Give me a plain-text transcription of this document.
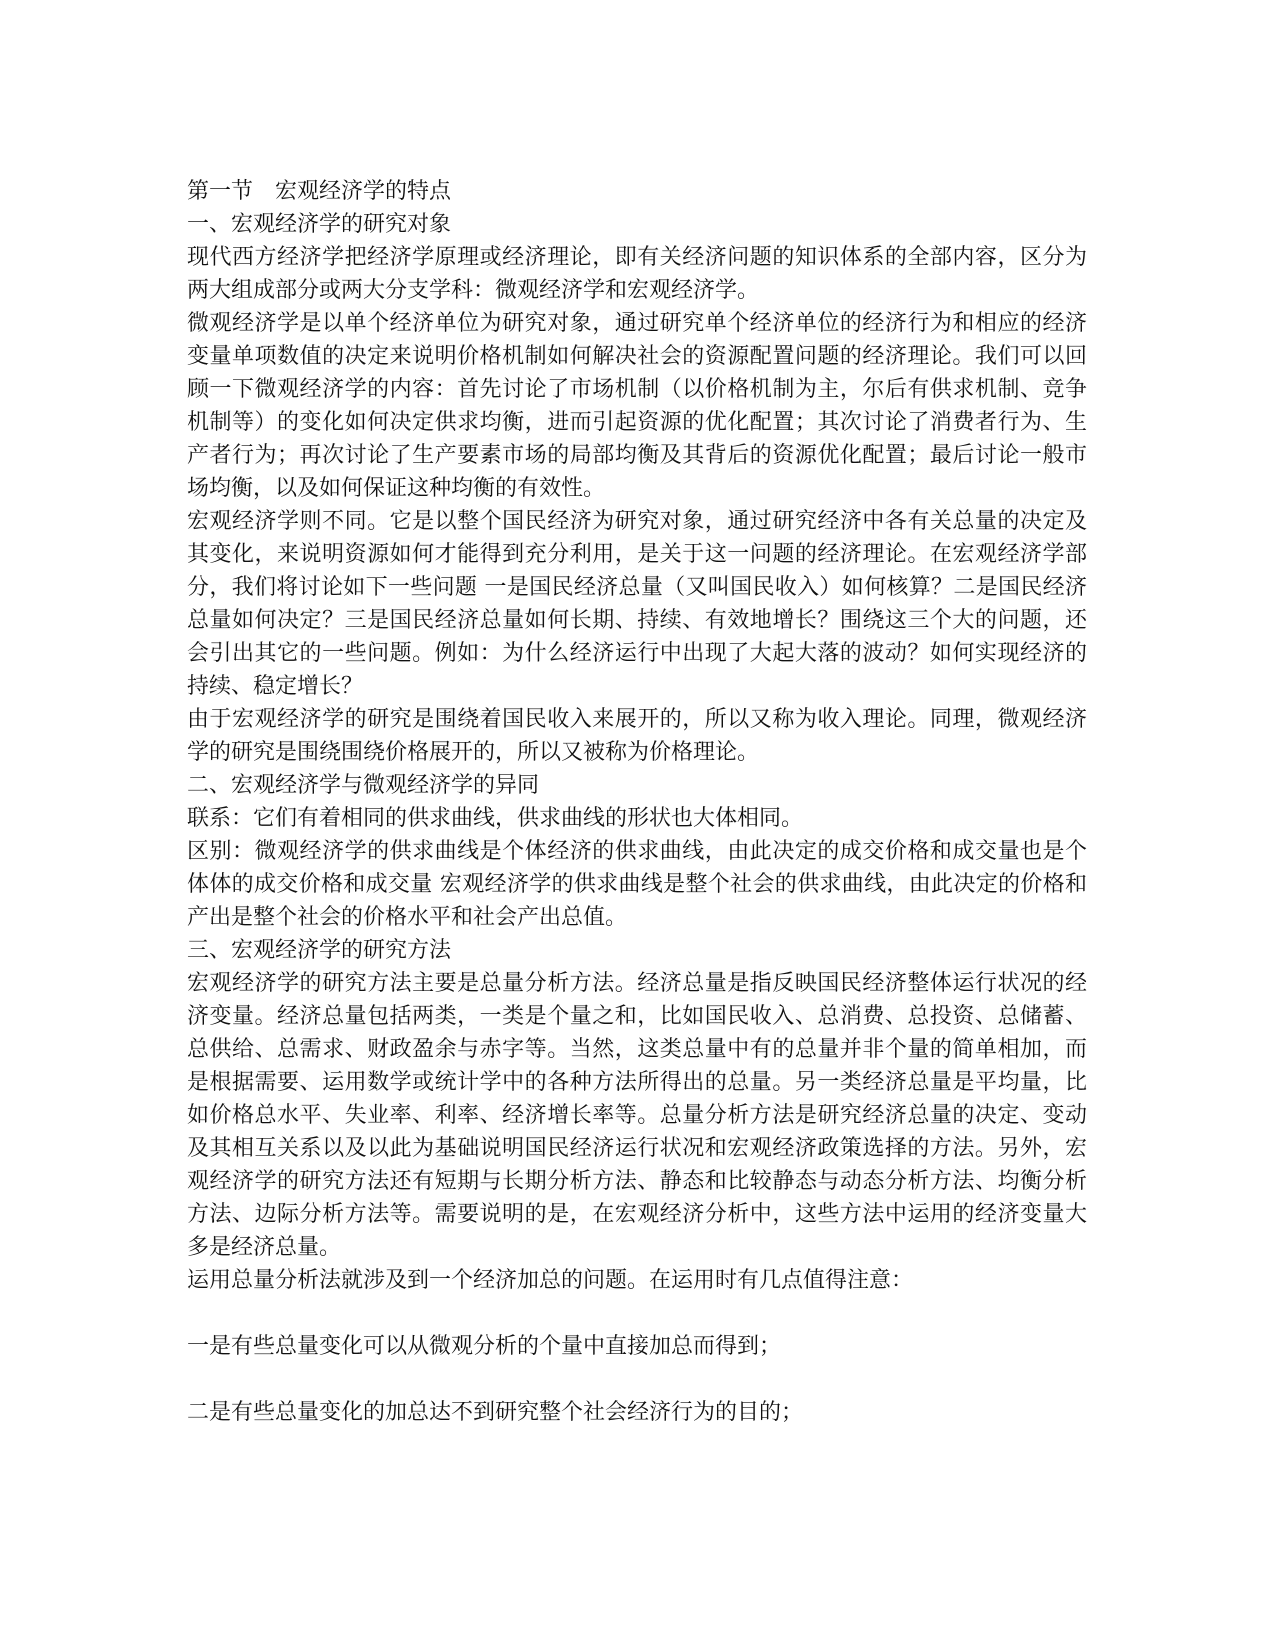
第一节　宏观经济学的特点

一、宏观经济学的研究对象

现代西方经济学把经济学原理或经济理论，即有关经济问题的知识体系的全部内容，区分为两大组成部分或两大分支学科：微观经济学和宏观经济学。

微观经济学是以单个经济单位为研究对象，通过研究单个经济单位的经济行为和相应的经济变量单项数值的决定来说明价格机制如何解决社会的资源配置问题的经济理论。我们可以回顾一下微观经济学的内容：首先讨论了市场机制（以价格机制为主，尔后有供求机制、竞争机制等）的变化如何决定供求均衡，进而引起资源的优化配置；其次讨论了消费者行为、生产者行为；再次讨论了生产要素市场的局部均衡及其背后的资源优化配置；最后讨论一般市场均衡，以及如何保证这种均衡的有效性。

宏观经济学则不同。它是以整个国民经济为研究对象，通过研究经济中各有关总量的决定及其变化，来说明资源如何才能得到充分利用，是关于这一问题的经济理论。在宏观经济学部分，我们将讨论如下一些问题 一是国民经济总量（又叫国民收入）如何核算？二是国民经济总量如何决定？三是国民经济总量如何长期、持续、有效地增长？围绕这三个大的问题，还会引出其它的一些问题。例如：为什么经济运行中出现了大起大落的波动？如何实现经济的持续、稳定增长？

由于宏观经济学的研究是围绕着国民收入来展开的，所以又称为收入理论。同理，微观经济学的研究是围绕围绕价格展开的，所以又被称为价格理论。

二、宏观经济学与微观经济学的异同

联系：它们有着相同的供求曲线，供求曲线的形状也大体相同。

区别：微观经济学的供求曲线是个体经济的供求曲线，由此决定的成交价格和成交量也是个体体的成交价格和成交量 宏观经济学的供求曲线是整个社会的供求曲线，由此决定的价格和产出是整个社会的价格水平和社会产出总值。

三、宏观经济学的研究方法

宏观经济学的研究方法主要是总量分析方法。经济总量是指反映国民经济整体运行状况的经济变量。经济总量包括两类，一类是个量之和，比如国民收入、总消费、总投资、总储蓄、总供给、总需求、财政盈余与赤字等。当然，这类总量中有的总量并非个量的简单相加，而是根据需要、运用数学或统计学中的各种方法所得出的总量。另一类经济总量是平均量，比如价格总水平、失业率、利率、经济增长率等。总量分析方法是研究经济总量的决定、变动及其相互关系以及以此为基础说明国民经济运行状况和宏观经济政策选择的方法。另外，宏观经济学的研究方法还有短期与长期分析方法、静态和比较静态与动态分析方法、均衡分析方法、边际分析方法等。需要说明的是，在宏观经济分析中，这些方法中运用的经济变量大多是经济总量。

运用总量分析法就涉及到一个经济加总的问题。在运用时有几点值得注意：

一是有些总量变化可以从微观分析的个量中直接加总而得到；

二是有些总量变化的加总达不到研究整个社会经济行为的目的；
